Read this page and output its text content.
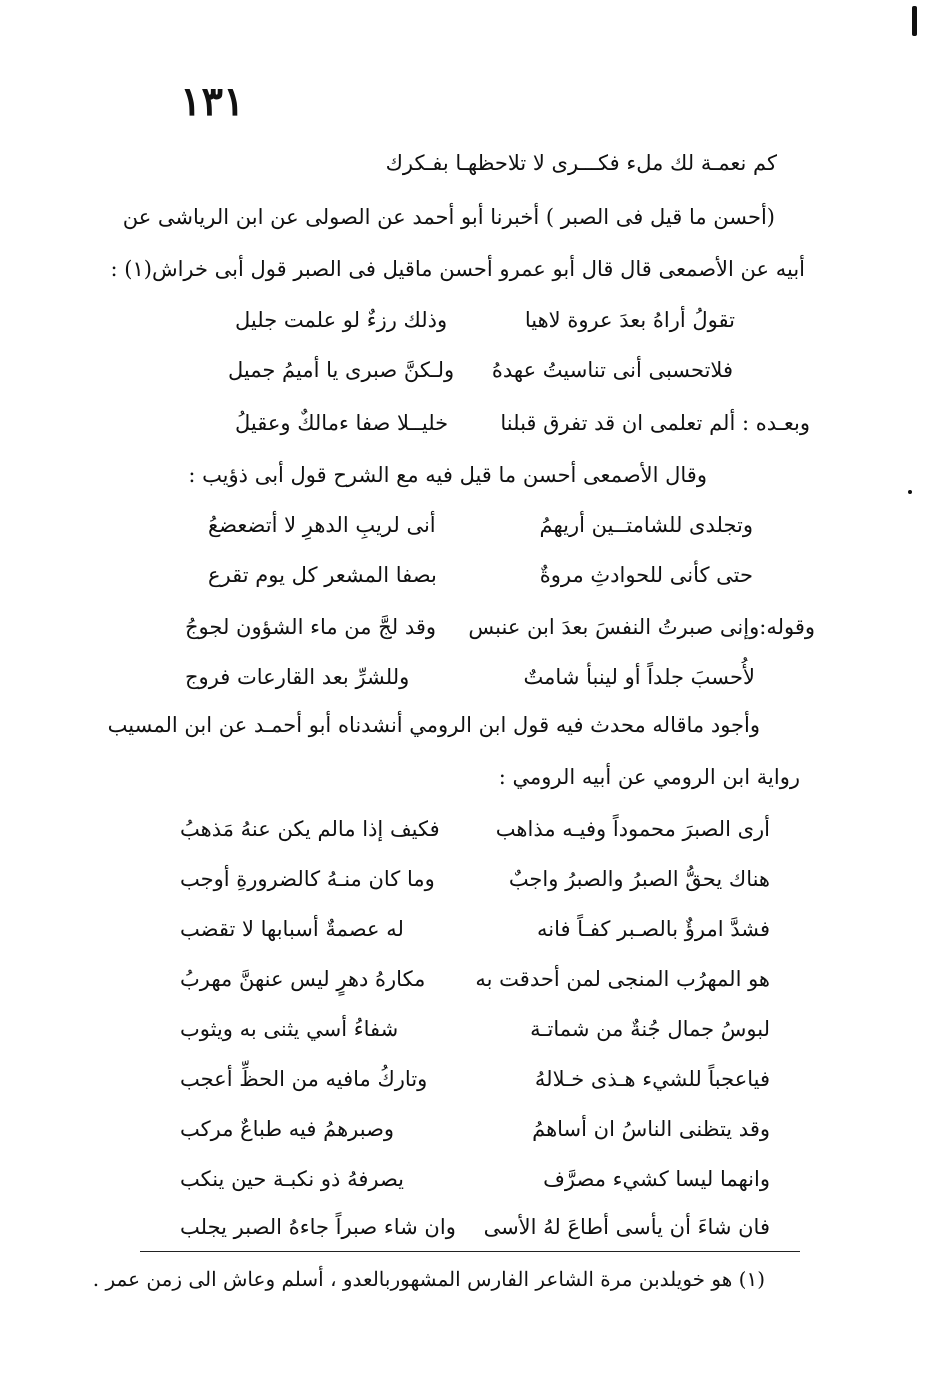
١٣١
كم نعمـة لك ملء فكـــرى لا تلاحظهـا بفـكرك
(أحسن ما قيل فى الصبر ) أخبرنا أبو أحمد عن الصولى عن ابن الرياشى عن
أبيه عن الأصمعى قال قال أبو عمرو أحسن ماقيل فى الصبر قول أبى خراش(١) :
تقولُ أراهُ بعدَ عروة لاهيا
وذلك رزءٌ لو علمت جليل
فلاتحسبى أنى تناسيتُ عهدهُ
ولـكنَّ صبرى يا أميمُ جميل
وبعـده : ألم تعلمى ان قد تفرق قبلنا
خليــلا صفا ءمالكٌ وعقيلُ
وقال الأصمعى أحسن ما قيل فيه مع الشرح قول أبى ذؤيب :
وتجلدى للشامتــين أريهمُ
أنى لريبِ الدهرِ لا أتضعضعُ
حتى كأنى للحوادثِ مروةٌ
بصفا المشعر كل يوم تقرع
وقوله:وإنى صبرتُ النفسَ بعدَ ابن عنبس
وقد لجَّ من ماء الشؤون لجوجُ
لأُحسبَ جلداً أو لينبأ شامتٌ
وللشرِّ بعد القارعات فروج
وأجود ماقاله محدث فيه قول ابن الرومي أنشدناه أبو أحمـد عن ابن المسيب
رواية ابن الرومي عن أبيه الرومي :
أرى الصبرَ محموداً وفيـه مذاهب
فكيف إذا مالم يكن عنهُ مَذهبُ
هناك يحقُّ الصبرُ والصبرُ واجبٌ
وما كان منـهُ كالضرورةِ أوجب
فشدَّ امرؤٌ بالصـبر كفـاً فانه
له عصمةٌ أسبابها لا تقضب
هو المهرُب المنجى لمن أحدقت به
مكارهُ دهرٍ ليس عنهنَّ مهربُ
لبوسُ جمال جُنةٌ من شماتـة
شفاءُ أسي يثنى به ويثوب
فياعجباً للشيء هـذى خـلالهُ
وتاركُ مافيه من الحظِّ أعجب
وقد يتظنى الناسُ ان أساهمُ
وصبرهمُ فيه طباعٌ مركب
وانهما ليسا كشيء مصرَّف
يصرفهُ ذو نكبـة حين ينكب
فان شاءَ أن يأسى أطاعَ لهُ الأسى
وان شاء صبراً جاءهُ الصبر يجلب
(١) هو خويلدبن مرة الشاعر الفارس المشهوربالعدو ، أسلم وعاش الى زمن عمر .
